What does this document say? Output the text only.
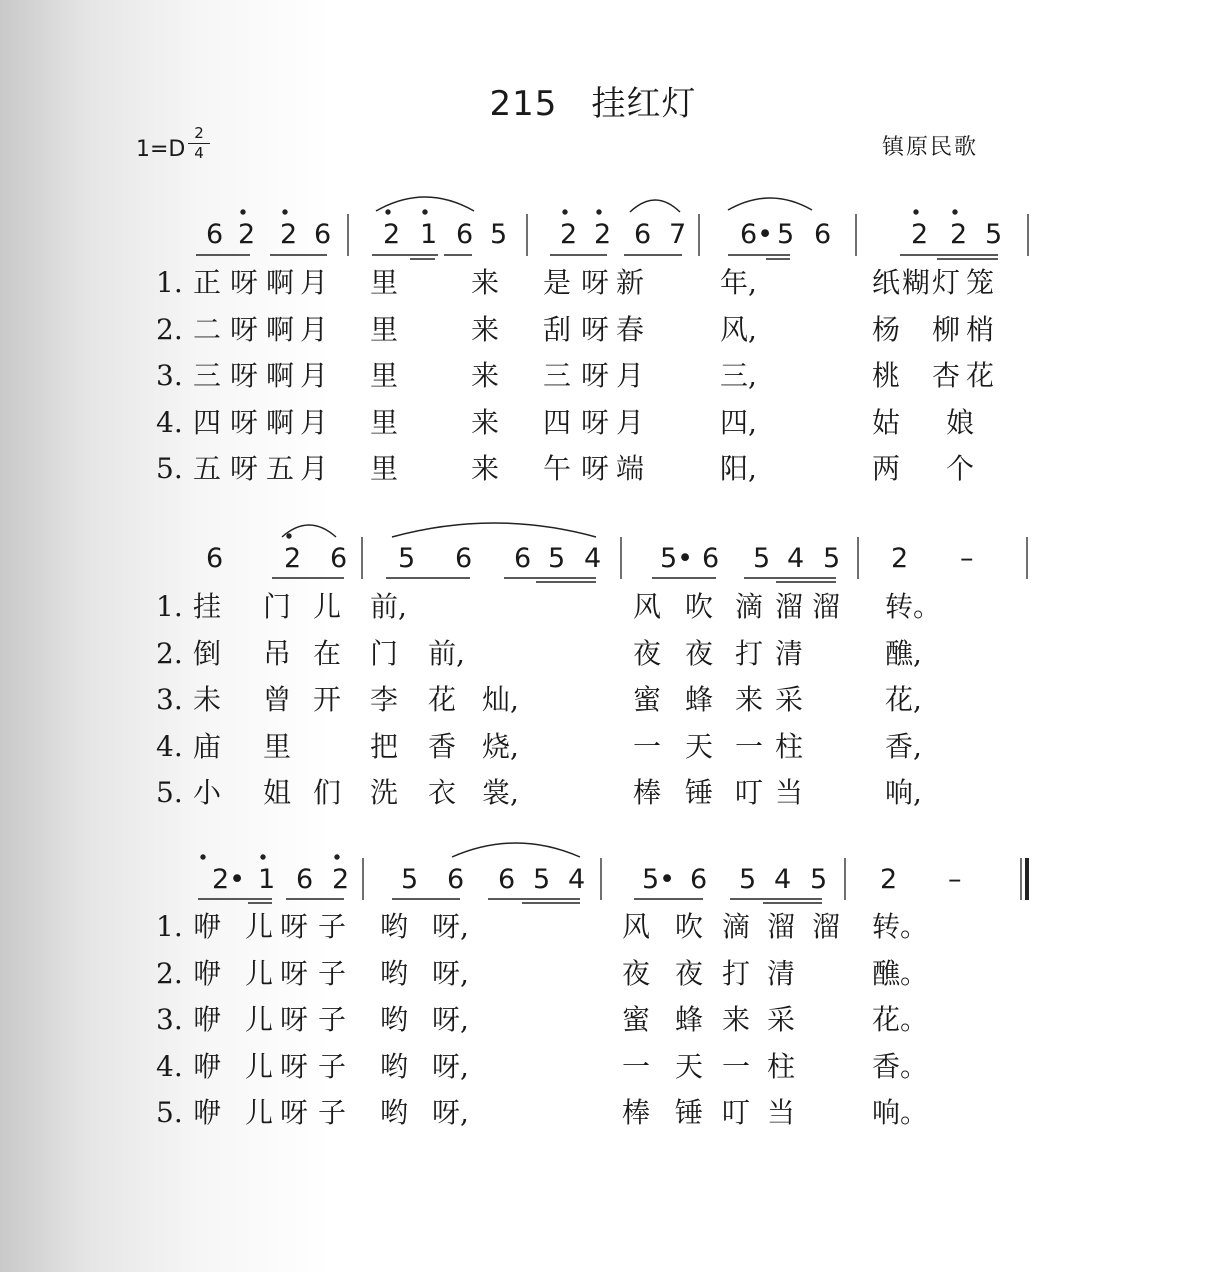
215 挂红灯
1=D
2
4	镇原民歌
6 2 2 6 2 1 6 5 2 2 6 7 6• 5 6	2 2 5
1. 正 呀 啊 月 里	来 是 呀 新	年,	纸 糊 灯 笼
2. 二 呀 啊 月 里	来 刮 呀 春	风,	杨 柳 梢
3. 三 呀 啊 月 里	来 三 呀 月	三,	桃 杏 花
4. 四 呀 啊 月 里	来 四 呀 月	四,	姑 娘
5. 五 呀 五 月 里	来 午 呀 端	阳,	两 个
6 2 6 5 6 6 5 4 5• 6 5 4 5 2 –
1. 挂 门 儿 前,	风 吹 滴 溜 溜 转。
2. 倒 吊 在 门 前,	夜 夜 打 清	醮,
3. 未 曾 开 李 花 灿,	蜜 蜂 来 采	花,
4. 庙 里	把 香 烧,	一 天 一 柱	香,
5. 小 姐 们 洗 衣 裳,	棒 锤 叮 当	响,
2• 1 6 2 5 6 6 5 4 5• 6 5 4 5 2 –
1. 咿 儿 呀 子 哟 呀,	风 吹 滴 溜 溜 转。
2. 咿 儿 呀 子 哟 呀,	夜 夜 打 清	醮。
3. 咿 儿 呀 子 哟 呀,	蜜 蜂 来 采	花。
4. 咿 儿 呀 子 哟 呀,	一 天 一 柱	香。
5. 咿 儿 呀 子 哟 呀,	棒 锤 叮 当	响。
